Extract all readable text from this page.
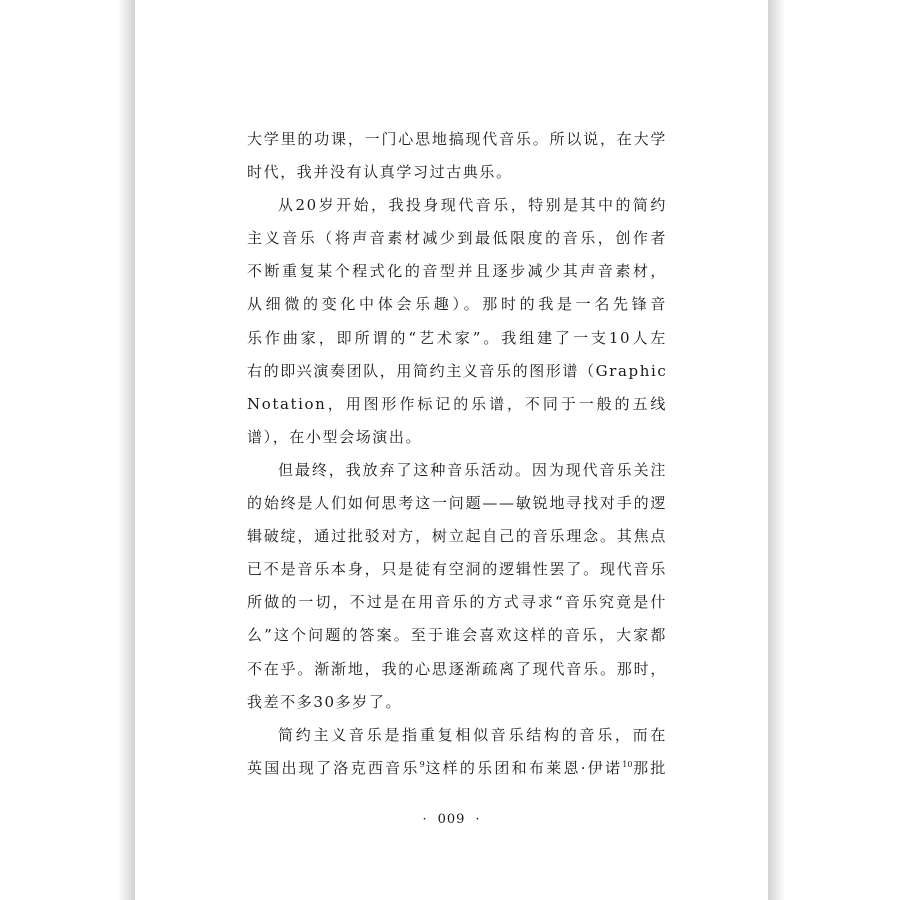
大学里的功课，一门心思地搞现代音乐。所以说，在大学
时代，我并没有认真学习过古典乐。
从20岁开始，我投身现代音乐，特别是其中的简约
主义音乐（将声音素材减少到最低限度的音乐，创作者
不断重复某个程式化的音型并且逐步减少其声音素材，
从细微的变化中体会乐趣）。那时的我是一名先锋音
乐作曲家，即所谓的“艺术家”。我组建了一支10人左
右的即兴演奏团队，用简约主义音乐的图形谱（Graphic
Notation，用图形作标记的乐谱，不同于一般的五线
谱），在小型会场演出。
但最终，我放弃了这种音乐活动。因为现代音乐关注
的始终是人们如何思考这一问题——敏锐地寻找对手的逻
辑破绽，通过批驳对方，树立起自己的音乐理念。其焦点
已不是音乐本身，只是徒有空洞的逻辑性罢了。现代音乐
所做的一切，不过是在用音乐的方式寻求“音乐究竟是什
么”这个问题的答案。至于谁会喜欢这样的音乐，大家都
不在乎。渐渐地，我的心思逐渐疏离了现代音乐。那时，
我差不多30多岁了。
简约主义音乐是指重复相似音乐结构的音乐，而在
英国出现了洛克西音乐$^9$这样的乐团和布莱恩·伊诺$^{10}$那批
· 009 ·
